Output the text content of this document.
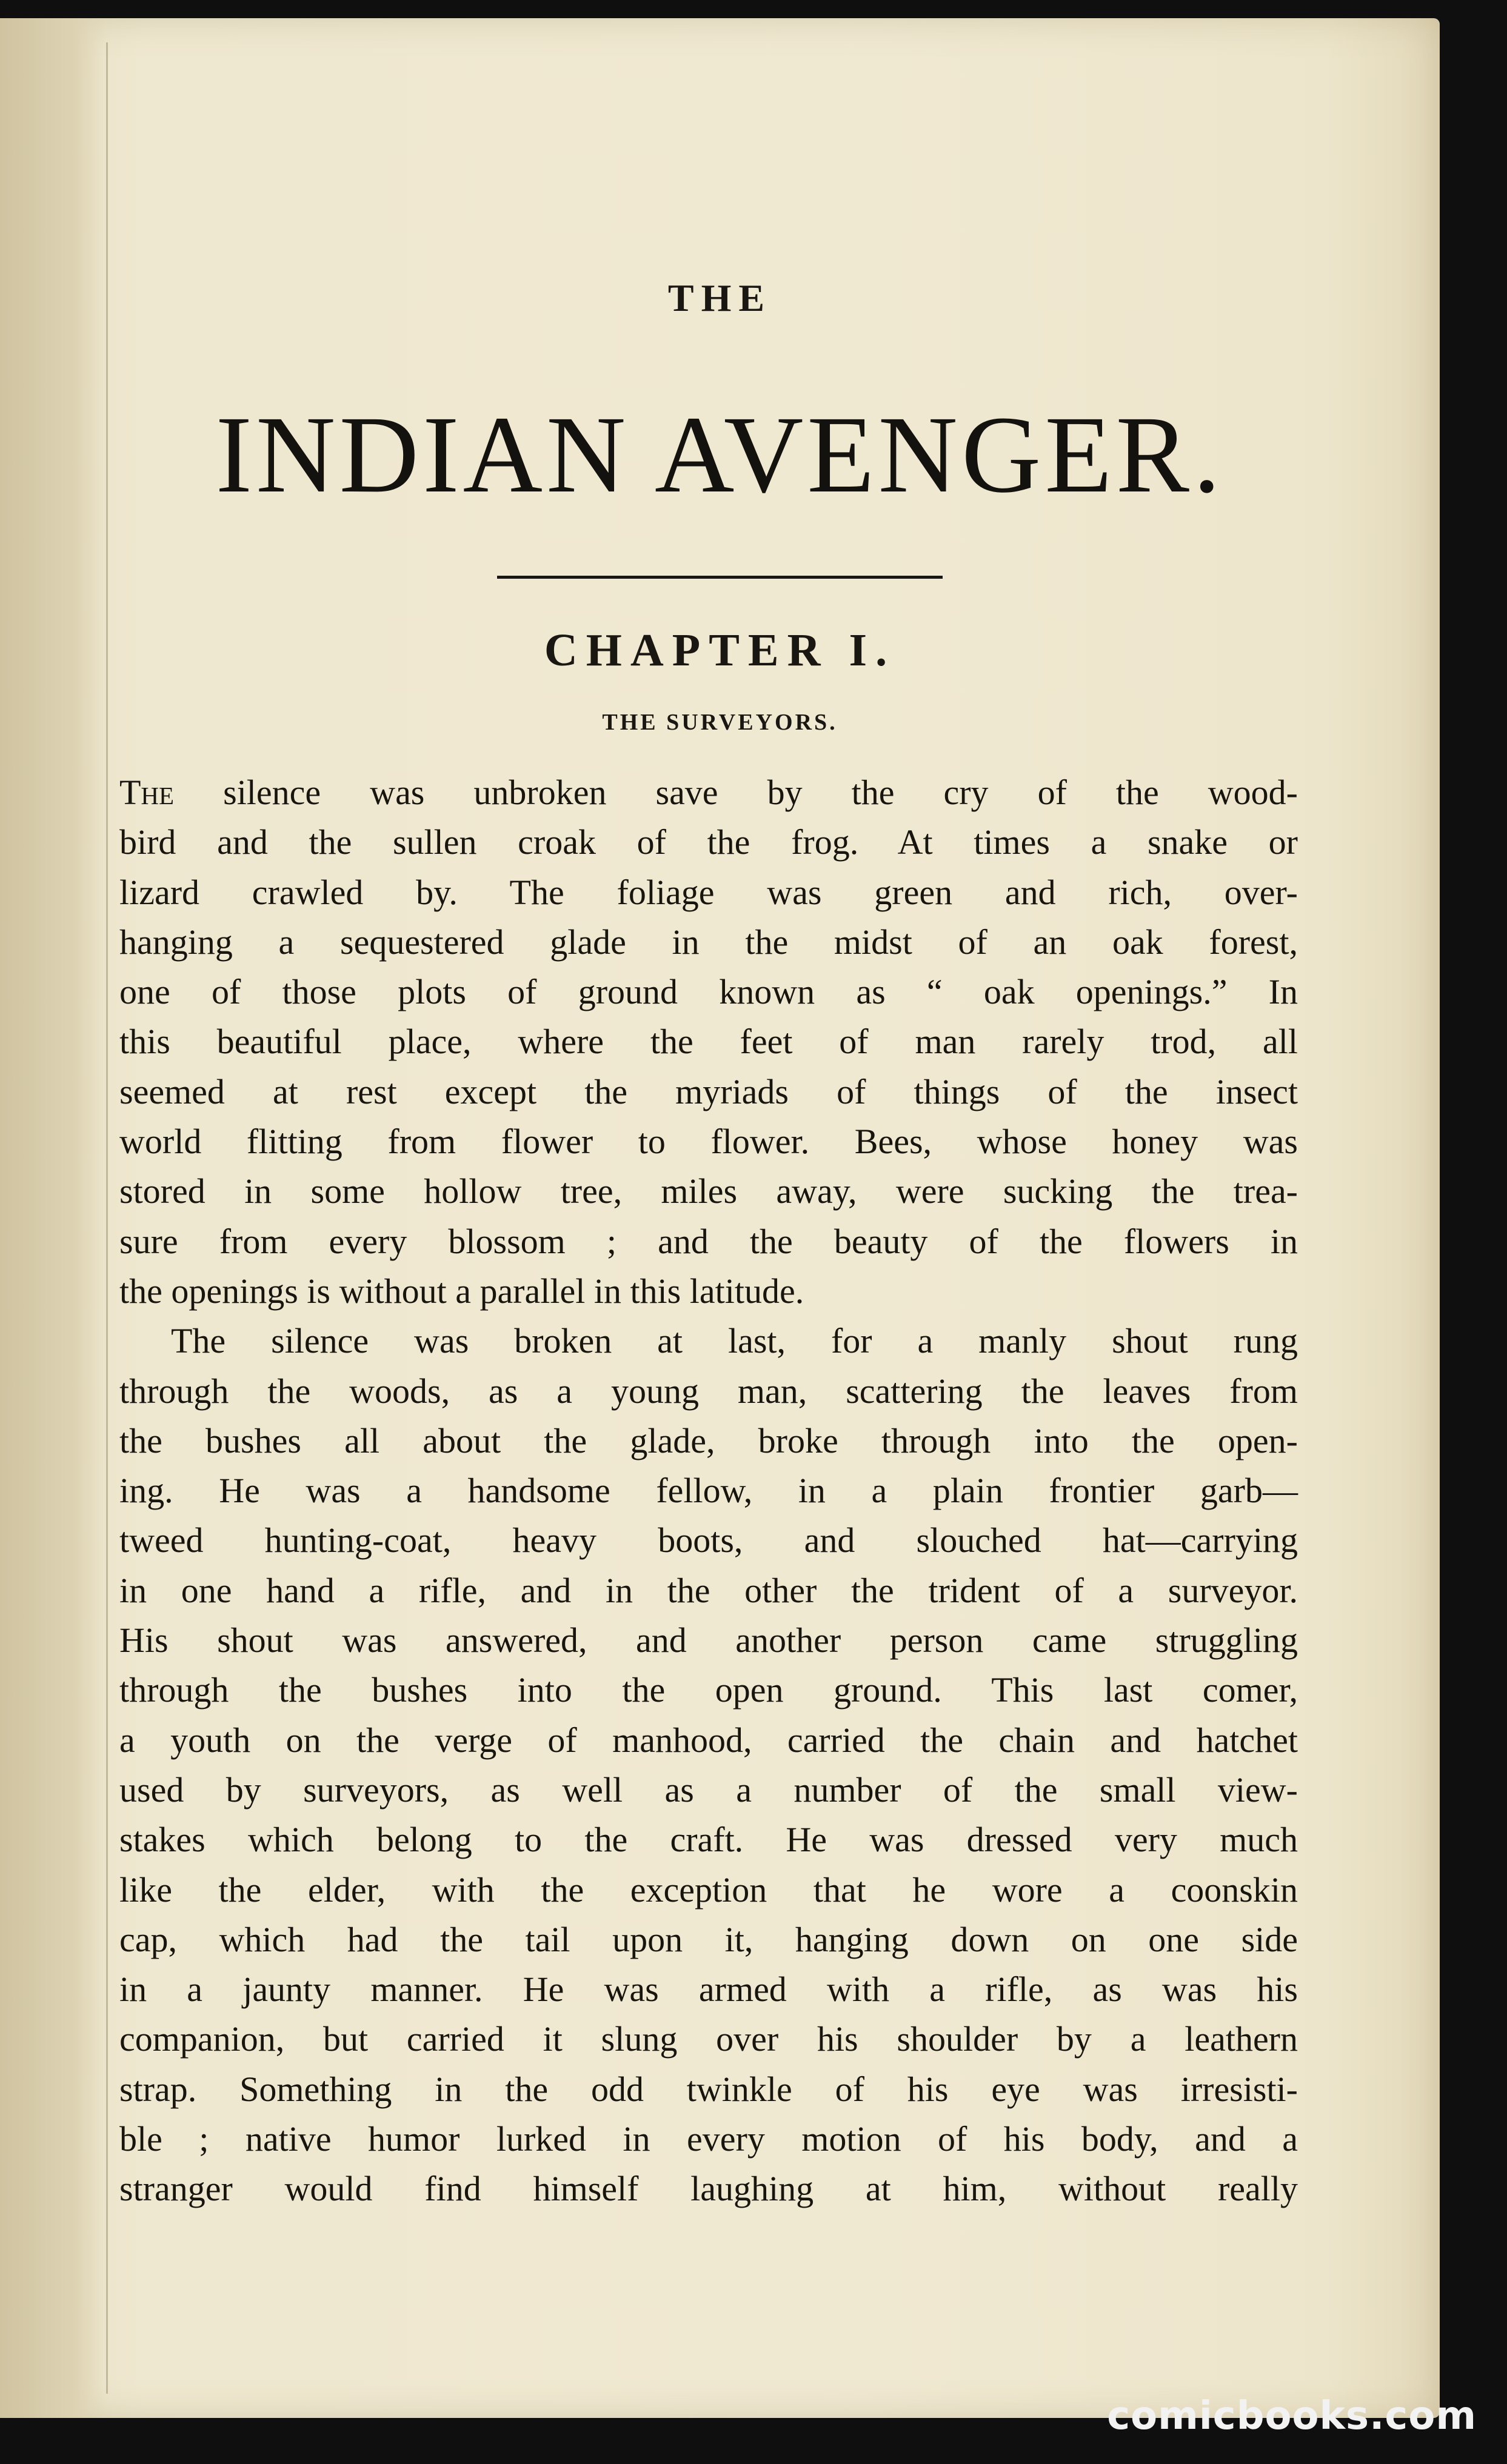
THE
INDIAN AVENGER.
CHAPTER I.
THE SURVEYORS.
The silence was unbroken save by the cry of the wood-
bird and the sullen croak of the frog. At times a snake or
lizard crawled by. The foliage was green and rich, over-
hanging a sequestered glade in the midst of an oak forest,
one of those plots of ground known as “ oak openings.” In
this beautiful place, where the feet of man rarely trod, all
seemed at rest except the myriads of things of the insect
world flitting from flower to flower. Bees, whose honey was
stored in some hollow tree, miles away, were sucking the trea-
sure from every blossom ; and the beauty of the flowers in
the openings is without a parallel in this latitude.
The silence was broken at last, for a manly shout rung
through the woods, as a young man, scattering the leaves from
the bushes all about the glade, broke through into the open-
ing. He was a handsome fellow, in a plain frontier garb—
tweed hunting-coat, heavy boots, and slouched hat—carrying
in one hand a rifle, and in the other the trident of a surveyor.
His shout was answered, and another person came struggling
through the bushes into the open ground. This last comer,
a youth on the verge of manhood, carried the chain and hatchet
used by surveyors, as well as a number of the small view-
stakes which belong to the craft. He was dressed very much
like the elder, with the exception that he wore a coonskin
cap, which had the tail upon it, hanging down on one side
in a jaunty manner. He was armed with a rifle, as was his
companion, but carried it slung over his shoulder by a leathern
strap. Something in the odd twinkle of his eye was irresisti-
ble ; native humor lurked in every motion of his body, and a
stranger would find himself laughing at him, without really
comicbooks.com
